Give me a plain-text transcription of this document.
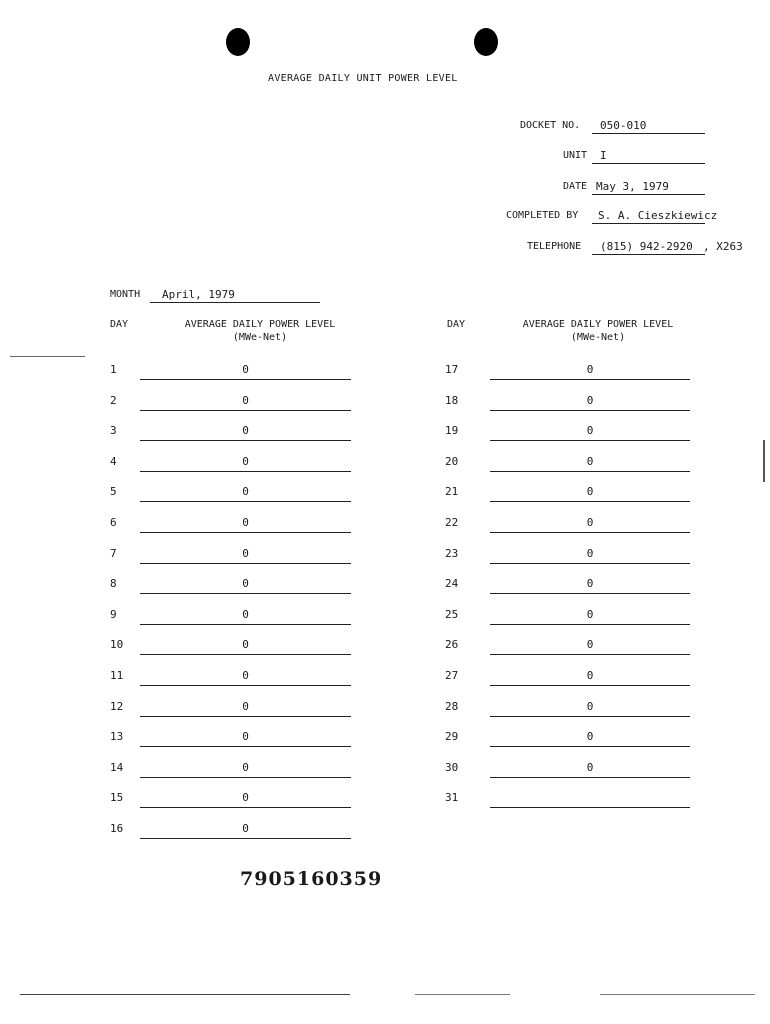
AVERAGE DAILY UNIT POWER LEVEL
DOCKET NO. 050-010
UNIT I
DATE May 3, 1979
COMPLETED BY S. A. Cieszkiewicz
TELEPHONE (815) 942-2920 , X263
MONTH April, 1979
DAY	AVERAGE DAILY POWER LEVEL
(MWe-Net)
DAY	AVERAGE DAILY POWER LEVEL
(MWe-Net)
1	0
2	0
3	0
4	0
5	0
6	0
7	0
8	0
9	0
10	0
11	0
12	0
13	0
14	0
15	0
16	0
17	0
18	0
19	0
20	0
21	0
22	0
23	0
24	0
25	0
26	0
27	0
28	0
29	0
30	0
31
7905160359
